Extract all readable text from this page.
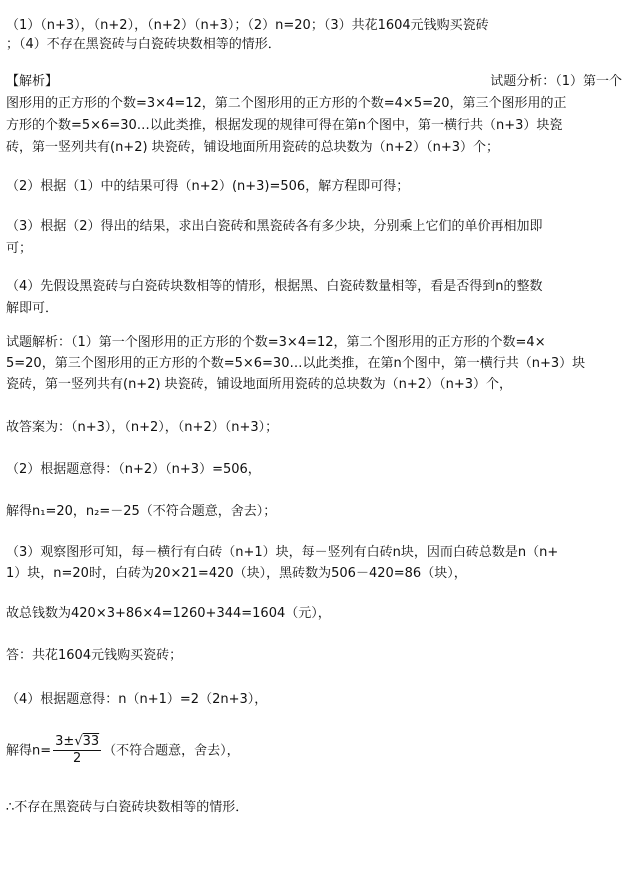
（1）（n+3），（n+2），（n+2）（n+3）；（2）n=20；（3）共花1604元钱购买瓷砖
；（4）不存在黑瓷砖与白瓷砖块数相等的情形．
【解析】	试题分析：（1）第一个
图形用的正方形的个数=3×4=12，第二个图形用的正方形的个数=4×5=20，第三个图形用的正
方形的个数=5×6=30…以此类推，根据发现的规律可得在第n个图中，第一横行共（n+3）块瓷
砖，第一竖列共有(n+2) 块瓷砖，铺设地面所用瓷砖的总块数为（n+2）（n+3）个；
（2）根据（1）中的结果可得（n+2）(n+3)=506，解方程即可得；
（3）根据（2）得出的结果，求出白瓷砖和黑瓷砖各有多少块，分别乘上它们的单价再相加即
可；
（4）先假设黑瓷砖与白瓷砖块数相等的情形，根据黑、白瓷砖数量相等，看是否得到n的整数
解即可．
试题解析：（1）第一个图形用的正方形的个数=3×4=12，第二个图形用的正方形的个数=4×
5=20，第三个图形用的正方形的个数=5×6=30…以此类推，在第n个图中，第一横行共（n+3）块
瓷砖，第一竖列共有(n+2) 块瓷砖，铺设地面所用瓷砖的总块数为（n+2）（n+3）个，
故答案为：（n+3），（n+2），（n+2）（n+3）；
（2）根据题意得：（n+2）（n+3）=506，
解得n₁=20，n₂=－25（不符合题意，舍去）；
（3）观察图形可知，每－横行有白砖（n+1）块，每－竖列有白砖n块，因而白砖总数是n（n+
1）块，n=20时，白砖为20×21=420（块），黑砖数为506－420=86（块），
故总钱数为420×3+86×4=1260+344=1604（元），
答：共花1604元钱购买瓷砖；
（4）根据题意得：n（n+1）=2（2n+3），
解得$n= \frac{3\pm√33}{2}$ （不符合题意，舍去），
∴不存在黑瓷砖与白瓷砖块数相等的情形．
